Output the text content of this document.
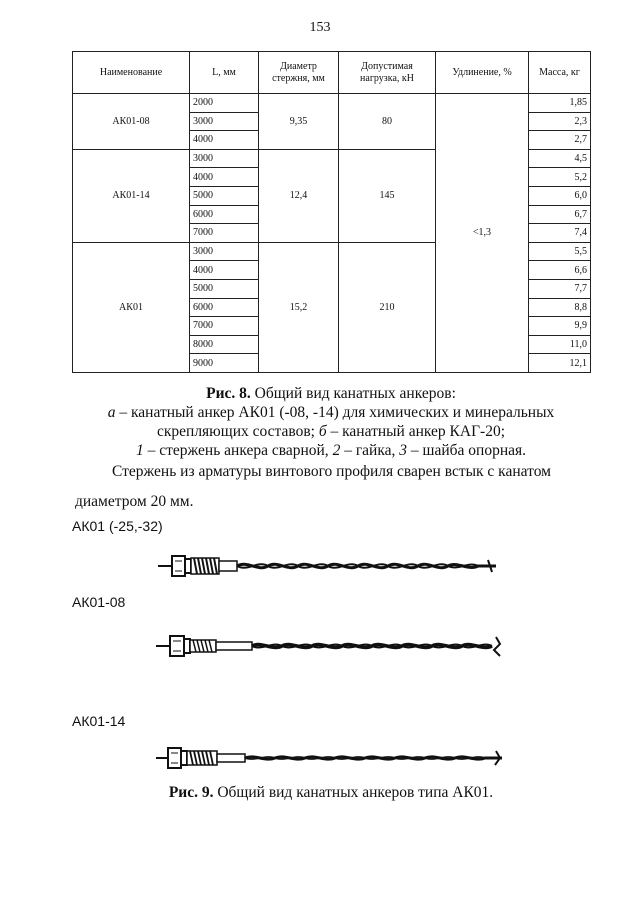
153
Наименование	L, мм	Диаметр стержня, мм	Допустимая нагрузка, кН	Удлинение, %	Масса, кг
АК01-08	2000	9,35	80	<1,3	1,85
	3000				2,3
	4000				2,7
АК01-14	3000	12,4	145		4,5
	4000				5,2
	5000				6,0
	6000				6,7
	7000				7,4
АК01	3000	15,2	210		5,5
	4000				6,6
	5000				7,7
	6000				8,8
	7000				9,9
	8000				11,0
	9000				12,1
Рис. 8. Общий вид канатных анкеров:
а – канатный анкер АК01 (-08, -14) для химических и минеральных
скрепляющих составов; б – канатный анкер КАГ-20;
1 – стержень анкера сварной, 2 – гайка, 3 – шайба опорная.
Стержень из арматуры винтового профиля сварен встык с канатом
диаметром 20 мм.
АК01 (-25,-32)
АК01-08
АК01-14
Рис. 9. Общий вид канатных анкеров типа АК01.
